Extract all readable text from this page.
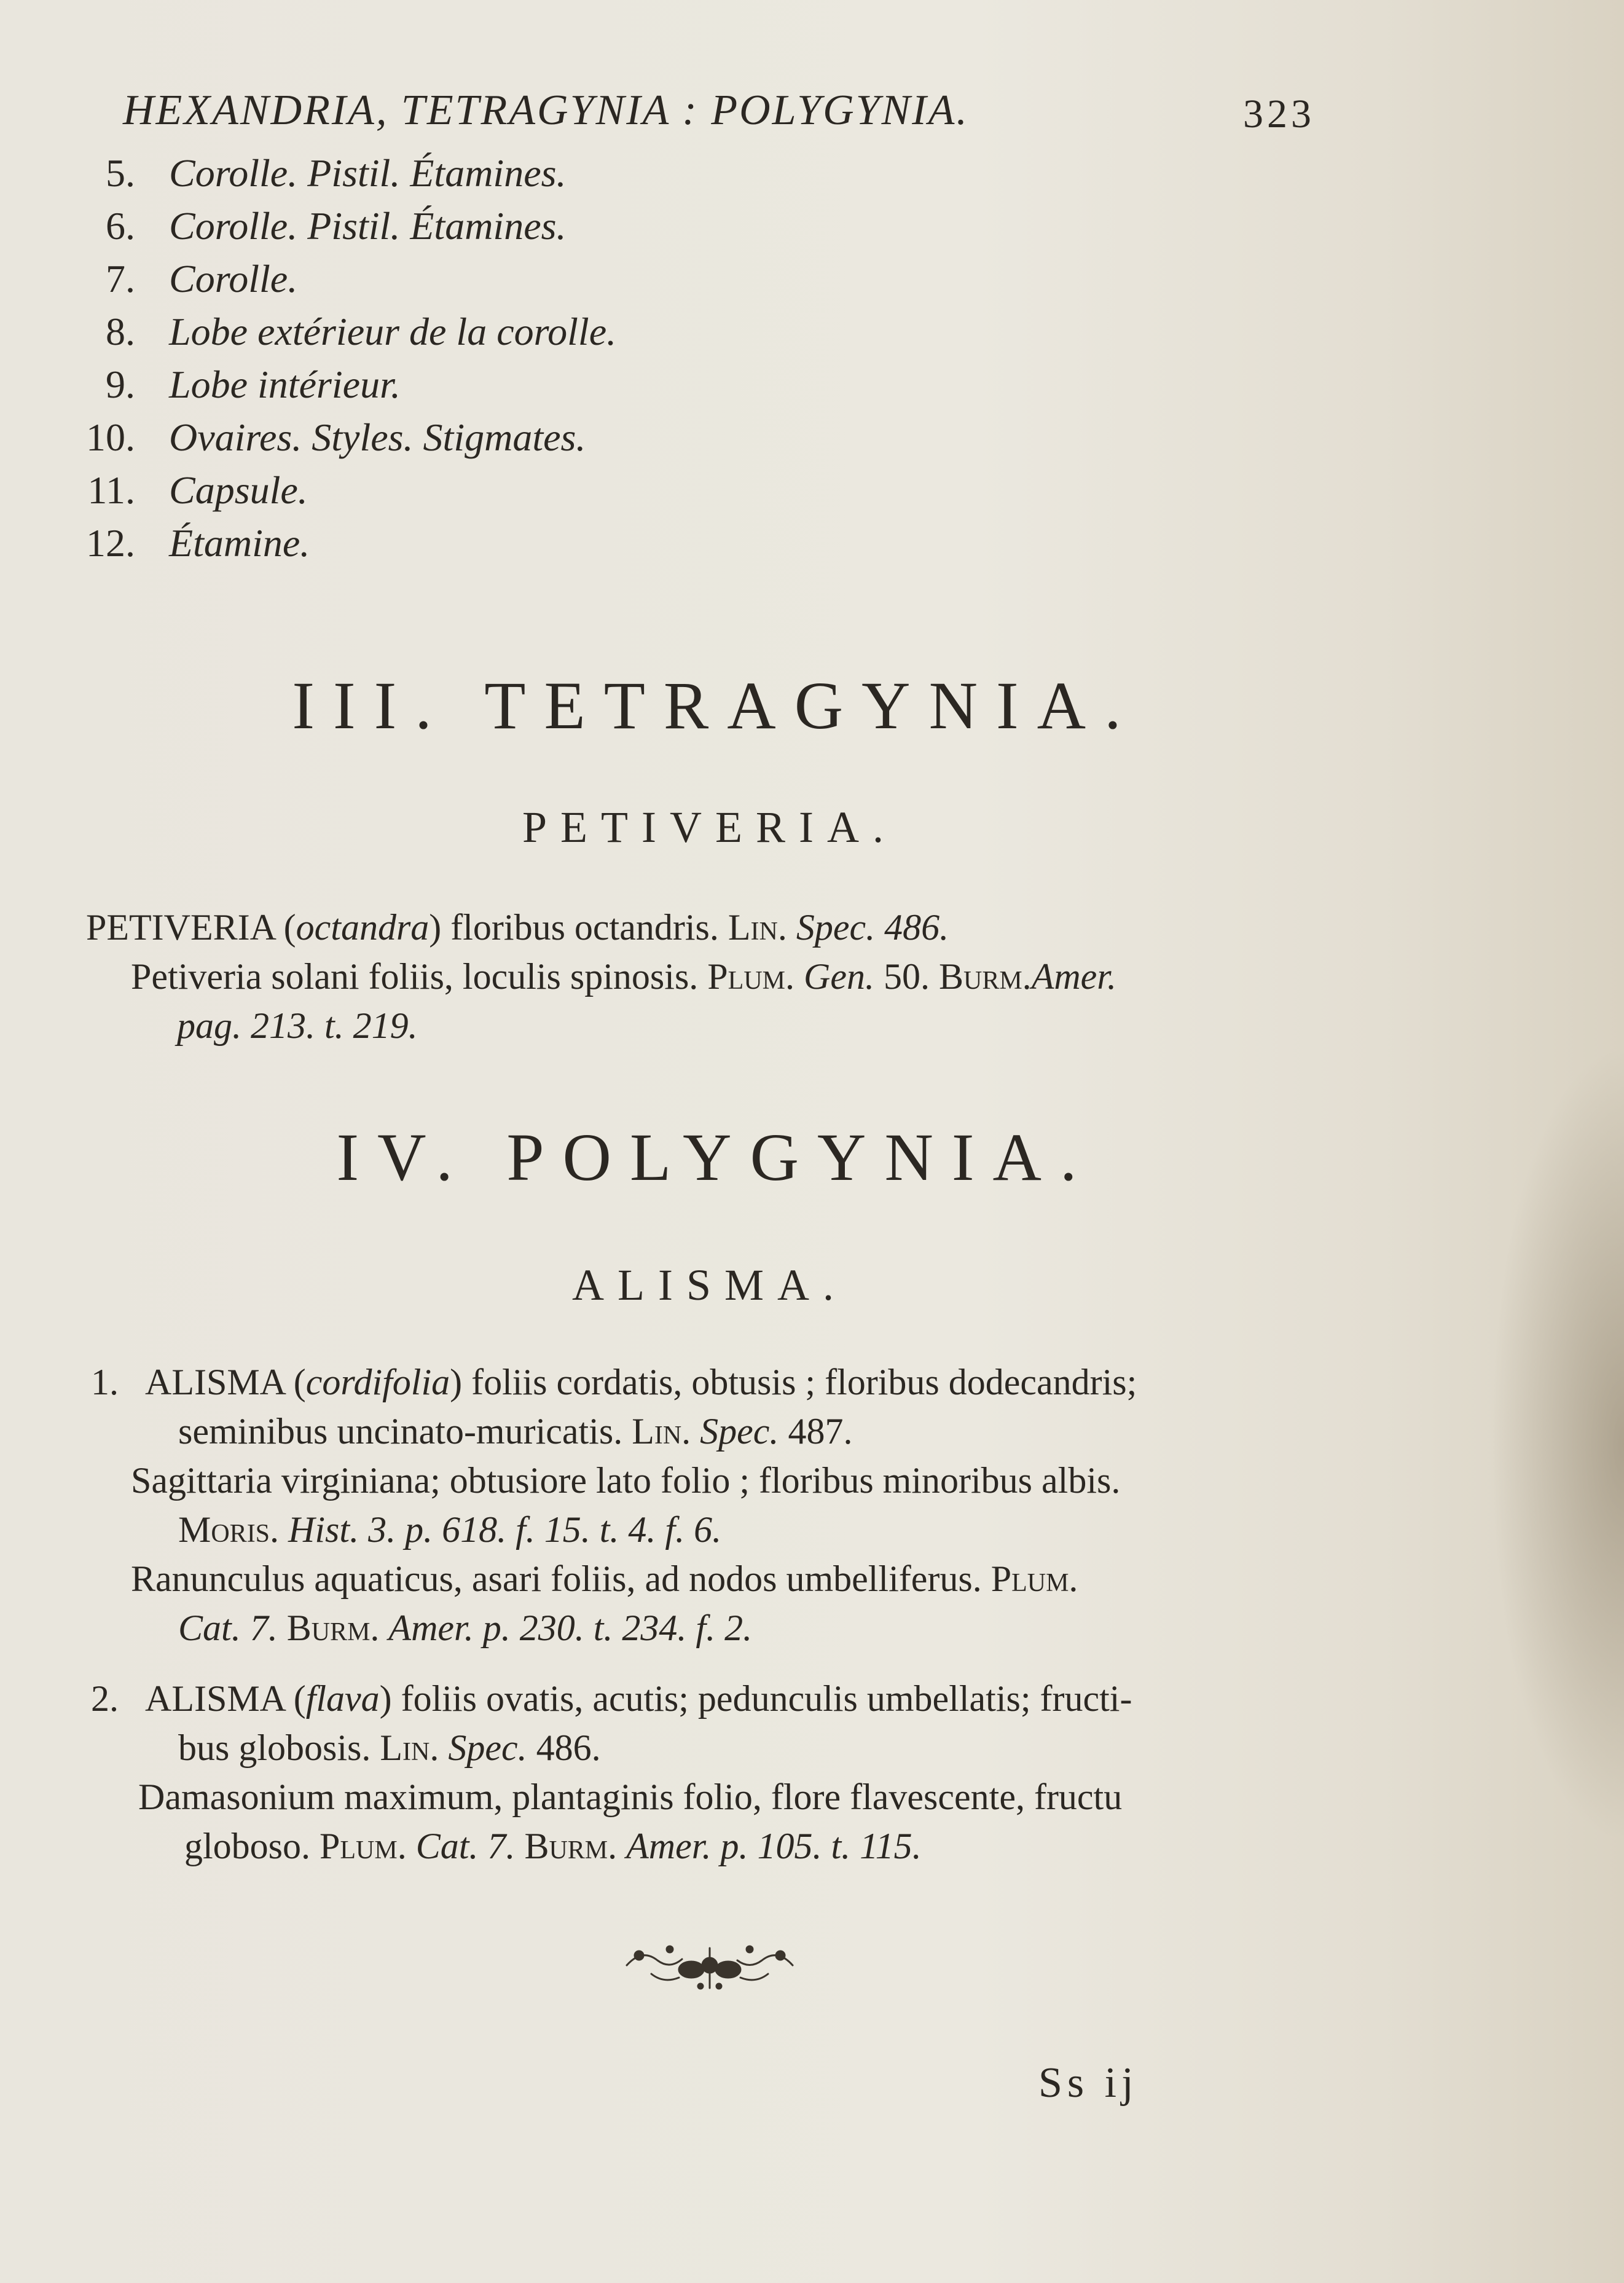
HEXANDRIA, TETRAGYNIA : POLYGYNIA.	323
5. Corolle. Pistil. Étamines.
6. Corolle. Pistil. Étamines.
7. Corolle.
8. Lobe extérieur de la corolle.
9. Lobe intérieur.
10. Ovaires. Styles. Stigmates.
11. Capsule.
12. Étamine.
III. TETRAGYNIA.
PETIVERIA.
PETIVERIA (octandra) floribus octandris. Lin. Spec. 486.
Petiveria solani foliis, loculis spinosis. Plum. Gen. 50. Burm.Amer.
pag. 213. t. 219.
IV. POLYGYNIA.
ALISMA.
1. ALISMA (cordifolia) foliis cordatis, obtusis ; floribus dodecandris;
seminibus uncinato-muricatis. Lin. Spec. 487.
Sagittaria virginiana; obtusiore lato folio ; floribus minoribus albis.
Moris. Hist. 3. p. 618. f. 15. t. 4. f. 6.
Ranunculus aquaticus, asari foliis, ad nodos umbelliferus. Plum.
Cat. 7. Burm. Amer. p. 230. t. 234. f. 2.
2. ALISMA (flava) foliis ovatis, acutis; pedunculis umbellatis; fructi-
bus globosis. Lin. Spec. 486.
Damasonium maximum, plantaginis folio, flore flavescente, fructu
globoso. Plum. Cat. 7. Burm. Amer. p. 105. t. 115.
Ss ij
